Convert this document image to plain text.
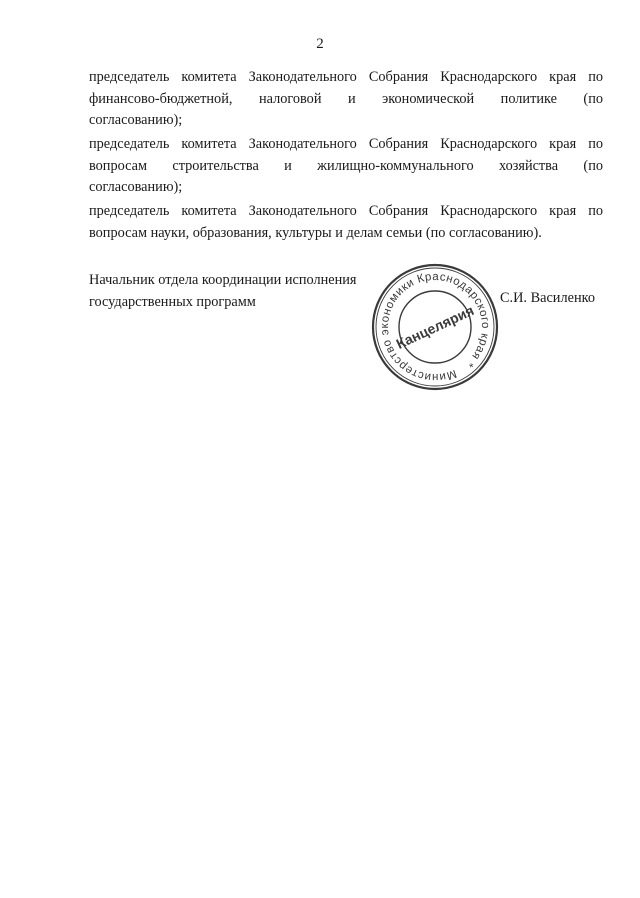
2
председатель комитета Законодательного Собрания Краснодарского края по
финансово-бюджетной, налоговой и экономической политике (по
согласованию);
председатель комитета Законодательного Собрания Краснодарского края по
вопросам строительства и жилищно-коммунального хозяйства (по
согласованию);
председатель комитета Законодательного Собрания Краснодарского края по
вопросам науки, образования, культуры и делам семьи (по согласованию).
Начальник отдела координации исполнения
государственных программ	С.И. Василенко
Министерство экономики Краснодарского края *
Канцелярия
